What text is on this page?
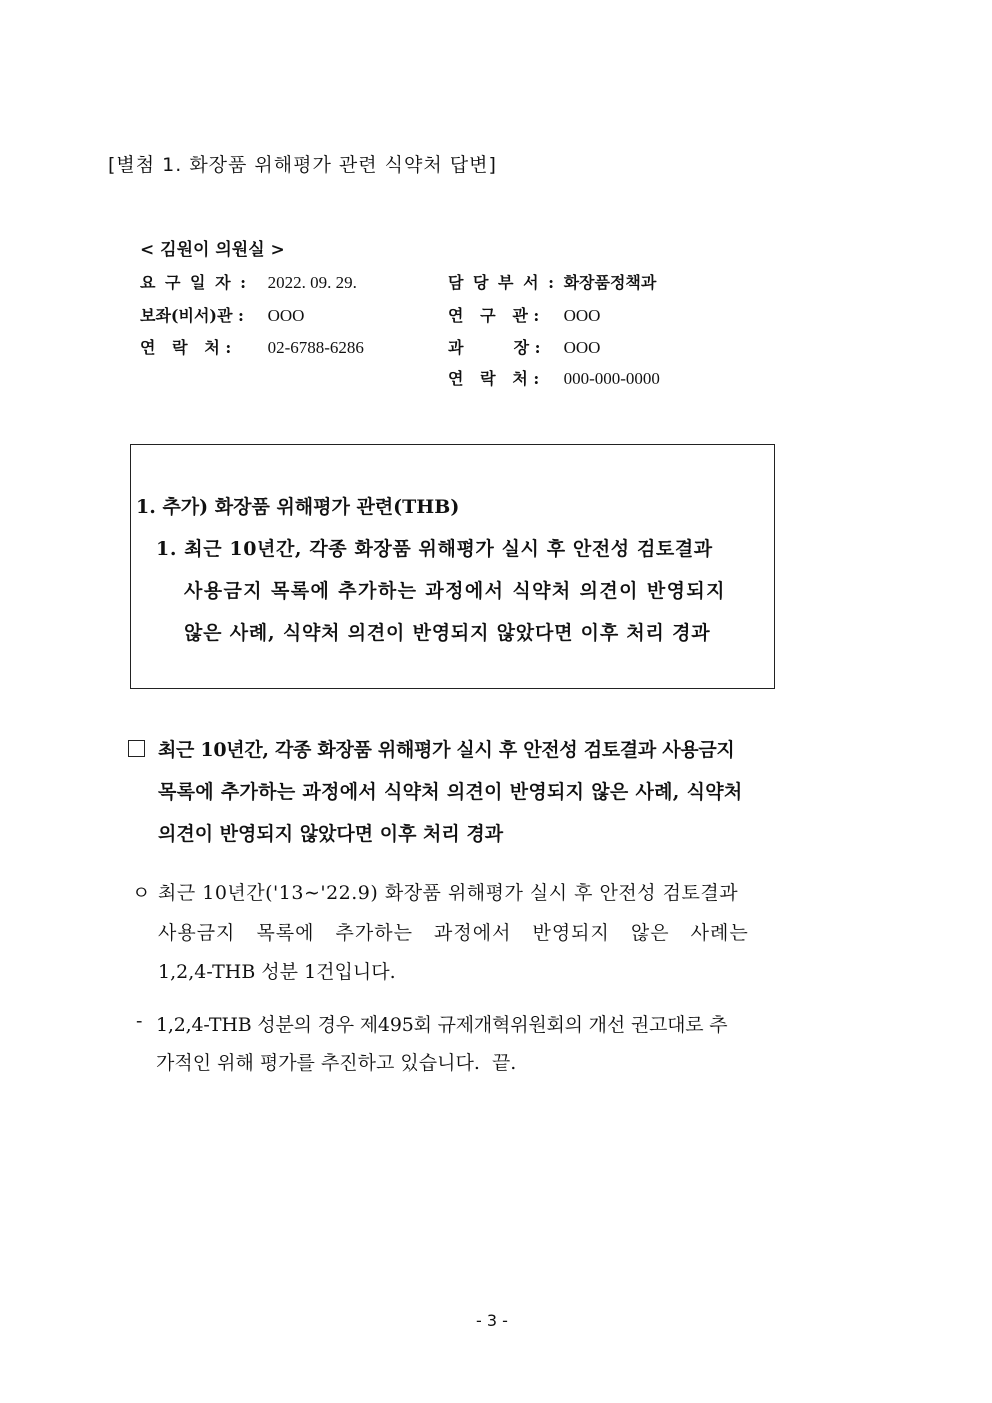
[별첨 1. 화장품 위해평가 관련 식약처 답변]
< 김원이 의원실 >
요 구 일 자 : 2022. 09. 29.
보좌(비서)관 : OOO
연   락   처 : 02-6788-6286
담 당 부 서 : 화장품정책과
연   구   관 : OOO
과         장 : OOO
연   락   처 : 000-000-0000
1. 추가) 화장품 위해평가 관련(THB)
1. 최근 10년간, 각종 화장품 위해평가 실시 후 안전성 검토결과
사용금지 목록에 추가하는 과정에서 식약처 의견이 반영되지
않은 사례, 식약처 의견이 반영되지 않았다면 이후 처리 경과
최근 10년간, 각종 화장품 위해평가 실시 후 안전성 검토결과 사용금지
목록에 추가하는 과정에서 식약처 의견이 반영되지 않은 사례, 식약처
의견이 반영되지 않았다면 이후 처리 경과
ㅇ 최근 10년간('13∼'22.9) 화장품 위해평가 실시 후 안전성 검토결과
사용금지 목록에 추가하는 과정에서 반영되지 않은 사례는
1,2,4-THB 성분 1건입니다.
- 1,2,4-THB 성분의 경우 제495회 규제개혁위원회의 개선 권고대로 추
가적인 위해 평가를 추진하고 있습니다.  끝.
- 3 -
